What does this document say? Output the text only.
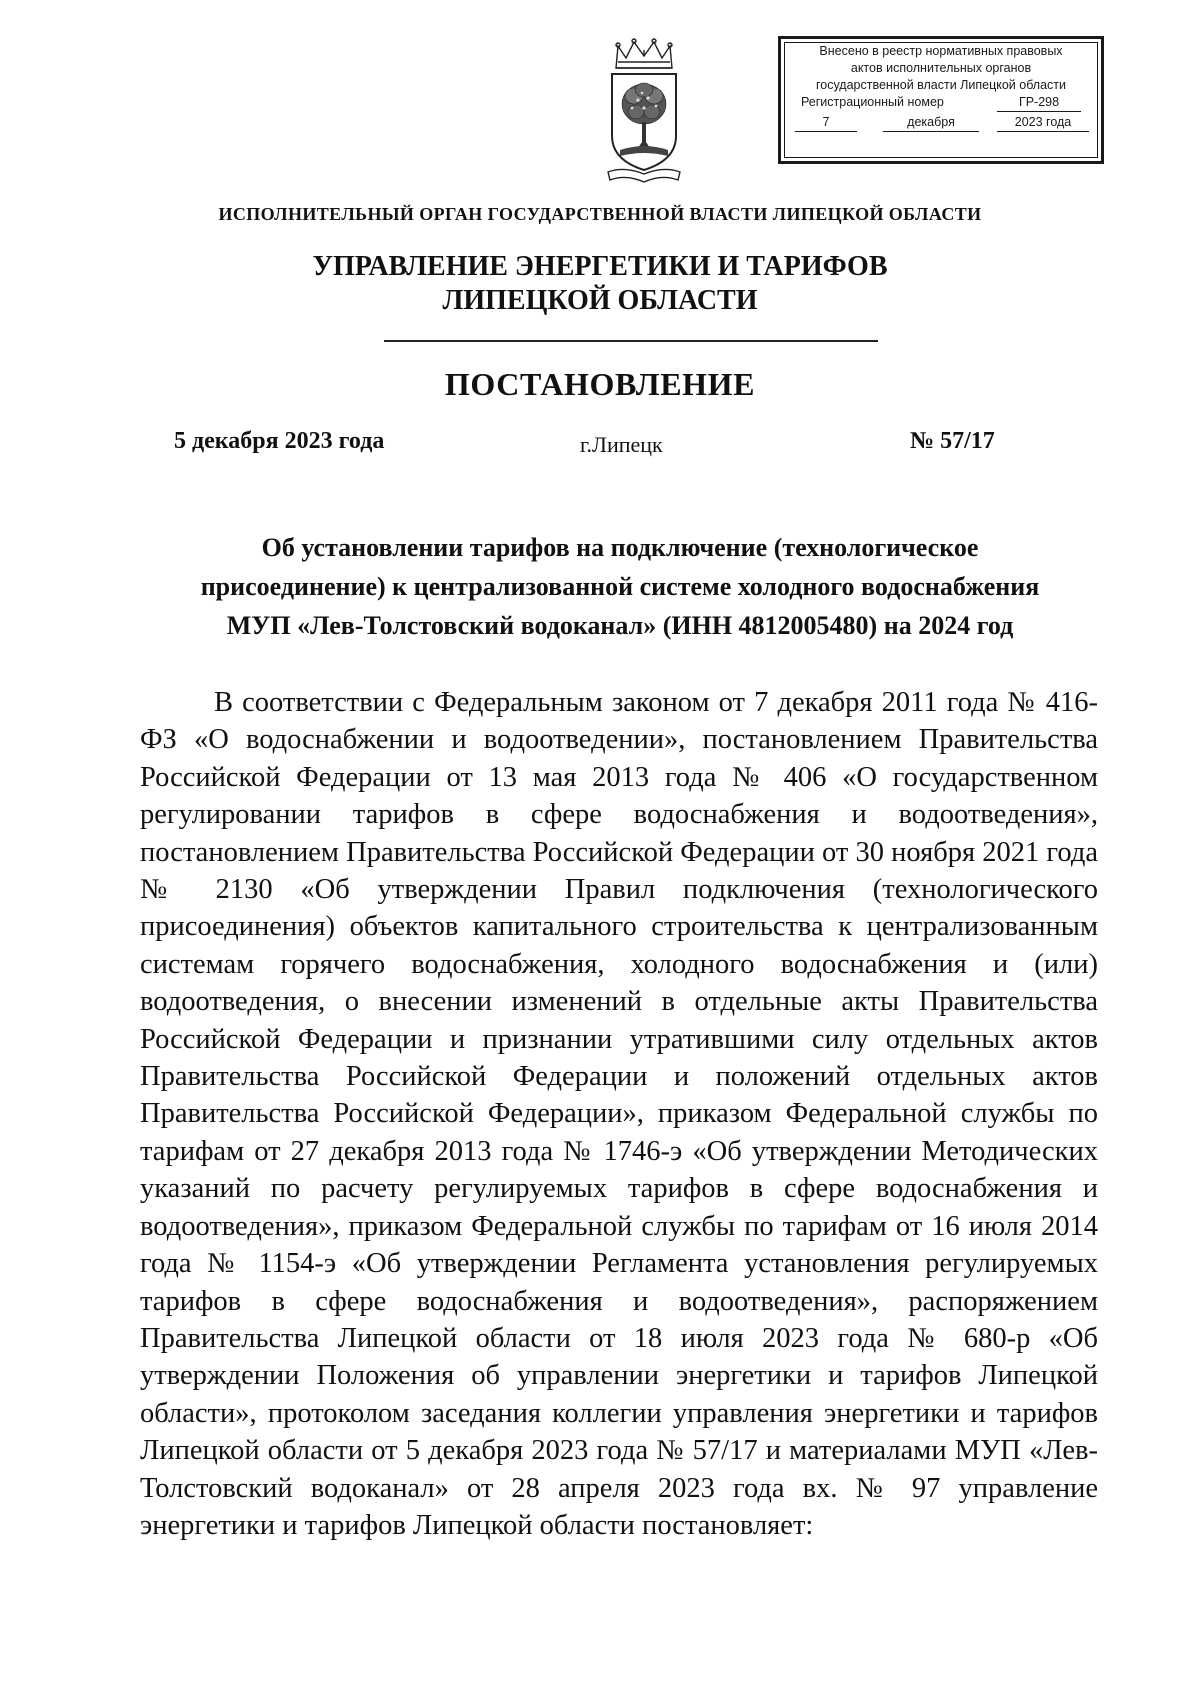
Внесено в реестр нормативных правовых
актов исполнительных органов
государственной власти Липецкой области
Регистрационный номер	ГР-298
7	декабря	2023 года
ИСПОЛНИТЕЛЬНЫЙ ОРГАН ГОСУДАРСТВЕННОЙ ВЛАСТИ ЛИПЕЦКОЙ ОБЛАСТИ
УПРАВЛЕНИЕ ЭНЕРГЕТИКИ И ТАРИФОВ
ЛИПЕЦКОЙ ОБЛАСТИ
ПОСТАНОВЛЕНИЕ
5 декабря 2023 года	г.Липецк	№ 57/17
Об установлении тарифов на подключение (технологическое
присоединение) к централизованной системе холодного водоснабжения
МУП «Лев-Толстовский водоканал» (ИНН 4812005480) на 2024 год

В соответствии с Федеральным законом от 7 декабря 2011 года № 416-ФЗ «О водоснабжении и водоотведении», постановлением Правительства Российской Федерации от 13 мая 2013 года № 406 «О государственном регулировании тарифов в сфере водоснабжения и водоотведения», постановлением Правительства Российской Федерации от 30 ноября 2021 года № 2130 «Об утверждении Правил подключения (технологического присоединения) объектов капитального строительства к централизованным системам горячего водоснабжения, холодного водоснабжения и (или) водоотведения, о внесении изменений в отдельные акты Правительства Российской Федерации и признании утратившими силу отдельных актов Правительства Российской Федерации и положений отдельных актов Правительства Российской Федерации», приказом Федеральной службы по тарифам от 27 декабря 2013 года № 1746-э «Об утверждении Методических указаний по расчету регулируемых тарифов в сфере водоснабжения и водоотведения», приказом Федеральной службы по тарифам от 16 июля 2014 года № 1154-э «Об утверждении Регламента установления регулируемых тарифов в сфере водоснабжения и водоотведения», распоряжением Правительства Липецкой области от 18 июля 2023 года № 680-р «Об утверждении Положения об управлении энергетики и тарифов Липецкой области», протоколом заседания коллегии управления энергетики и тарифов Липецкой области от 5 декабря 2023 года № 57/17 и материалами МУП «Лев-Толстовский водоканал» от 28 апреля 2023 года вх. № 97 управление энергетики и тарифов Липецкой области постановляет:
